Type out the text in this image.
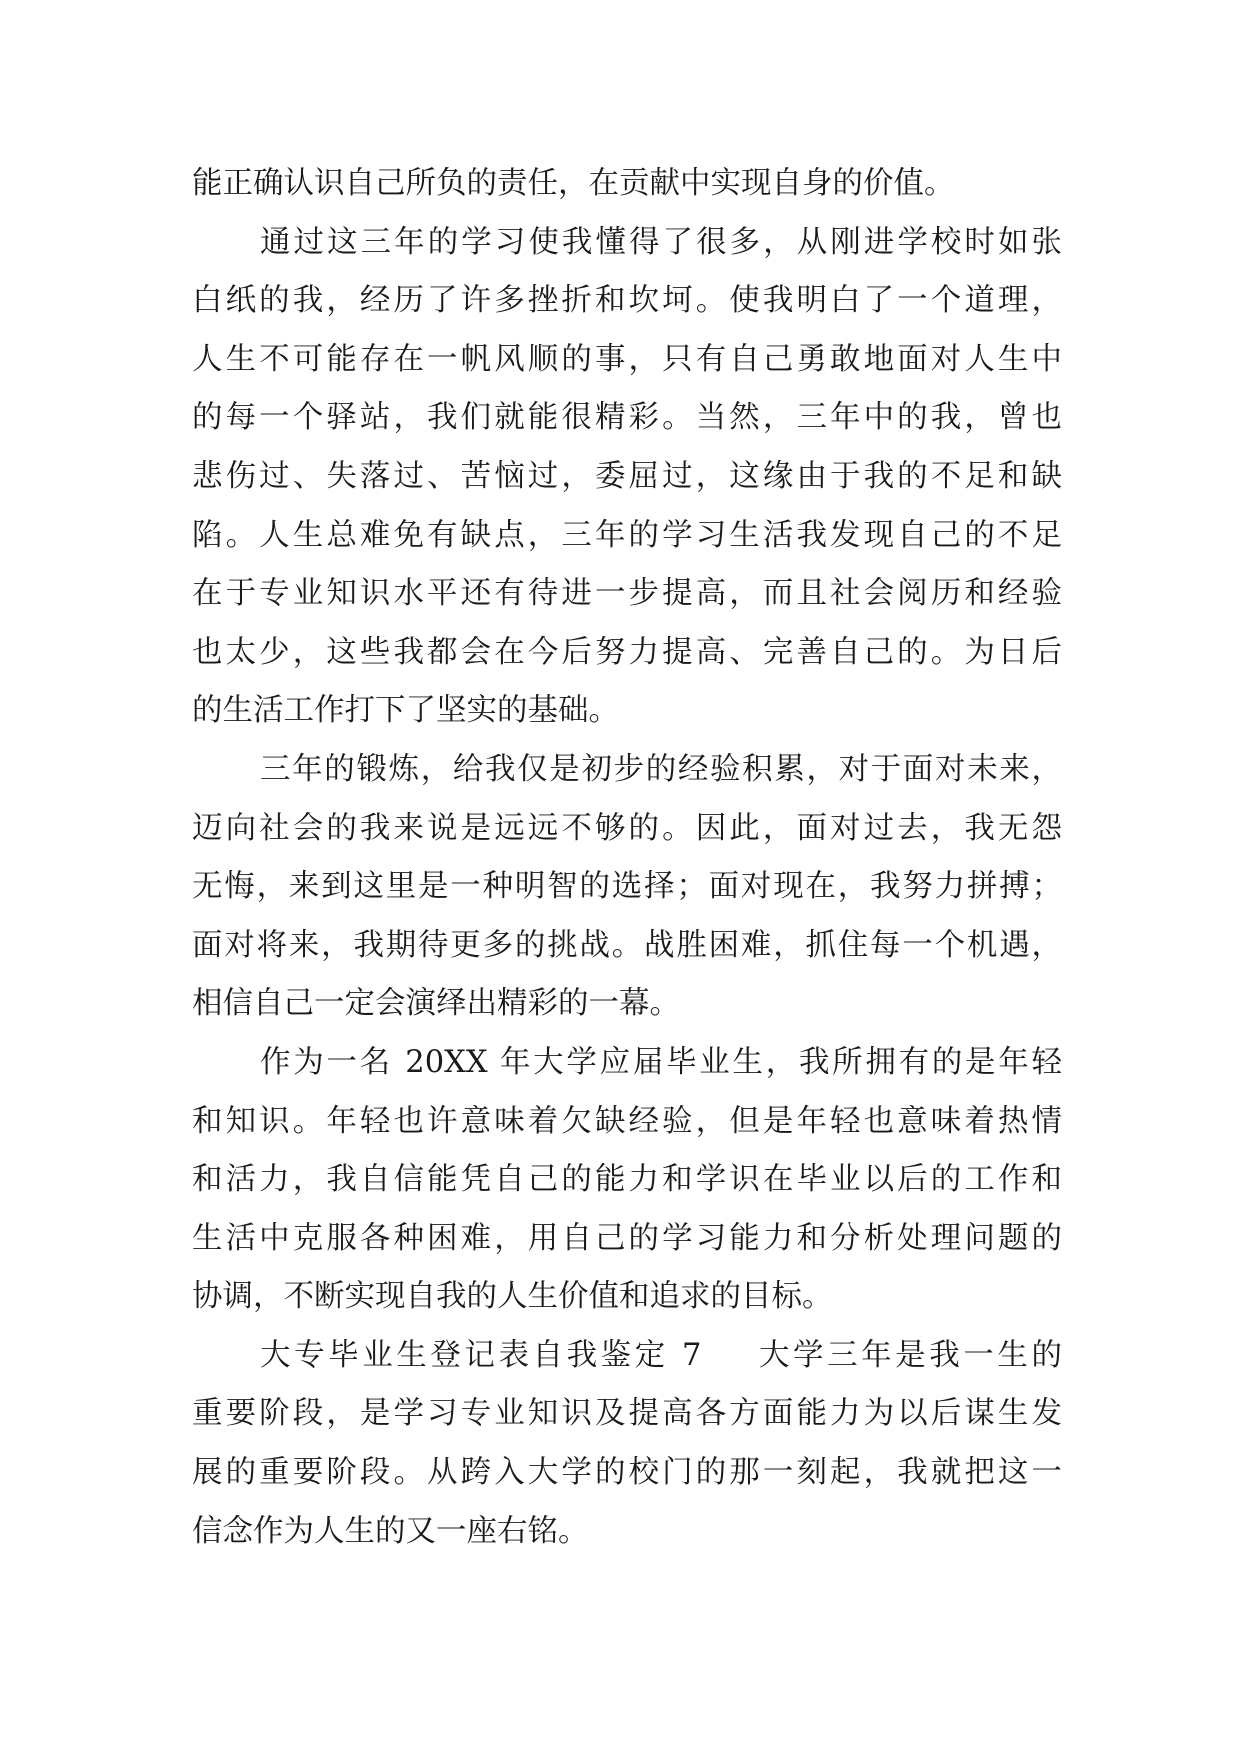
能正确认识自己所负的责任，在贡献中实现自身的价值。
通过这三年的学习使我懂得了很多，从刚进学校时如张
白纸的我，经历了许多挫折和坎坷。使我明白了一个道理，
人生不可能存在一帆风顺的事，只有自己勇敢地面对人生中
的每一个驿站，我们就能很精彩。当然，三年中的我，曾也
悲伤过、失落过、苦恼过，委屈过，这缘由于我的不足和缺
陷。人生总难免有缺点，三年的学习生活我发现自己的不足
在于专业知识水平还有待进一步提高，而且社会阅历和经验
也太少，这些我都会在今后努力提高、完善自己的。为日后
的生活工作打下了坚实的基础。
三年的锻炼，给我仅是初步的经验积累，对于面对未来，
迈向社会的我来说是远远不够的。因此，面对过去，我无怨
无悔，来到这里是一种明智的选择；面对现在，我努力拼搏；
面对将来，我期待更多的挑战。战胜困难，抓住每一个机遇，
相信自己一定会演绎出精彩的一幕。
作为一名 20XX 年大学应届毕业生，我所拥有的是年轻
和知识。年轻也许意味着欠缺经验，但是年轻也意味着热情
和活力，我自信能凭自己的能力和学识在毕业以后的工作和
生活中克服各种困难，用自己的学习能力和分析处理问题的
协调，不断实现自我的人生价值和追求的目标。
大专毕业生登记表自我鉴定 7 大学三年是我一生的
重要阶段，是学习专业知识及提高各方面能力为以后谋生发
展的重要阶段。从跨入大学的校门的那一刻起，我就把这一
信念作为人生的又一座右铭。
